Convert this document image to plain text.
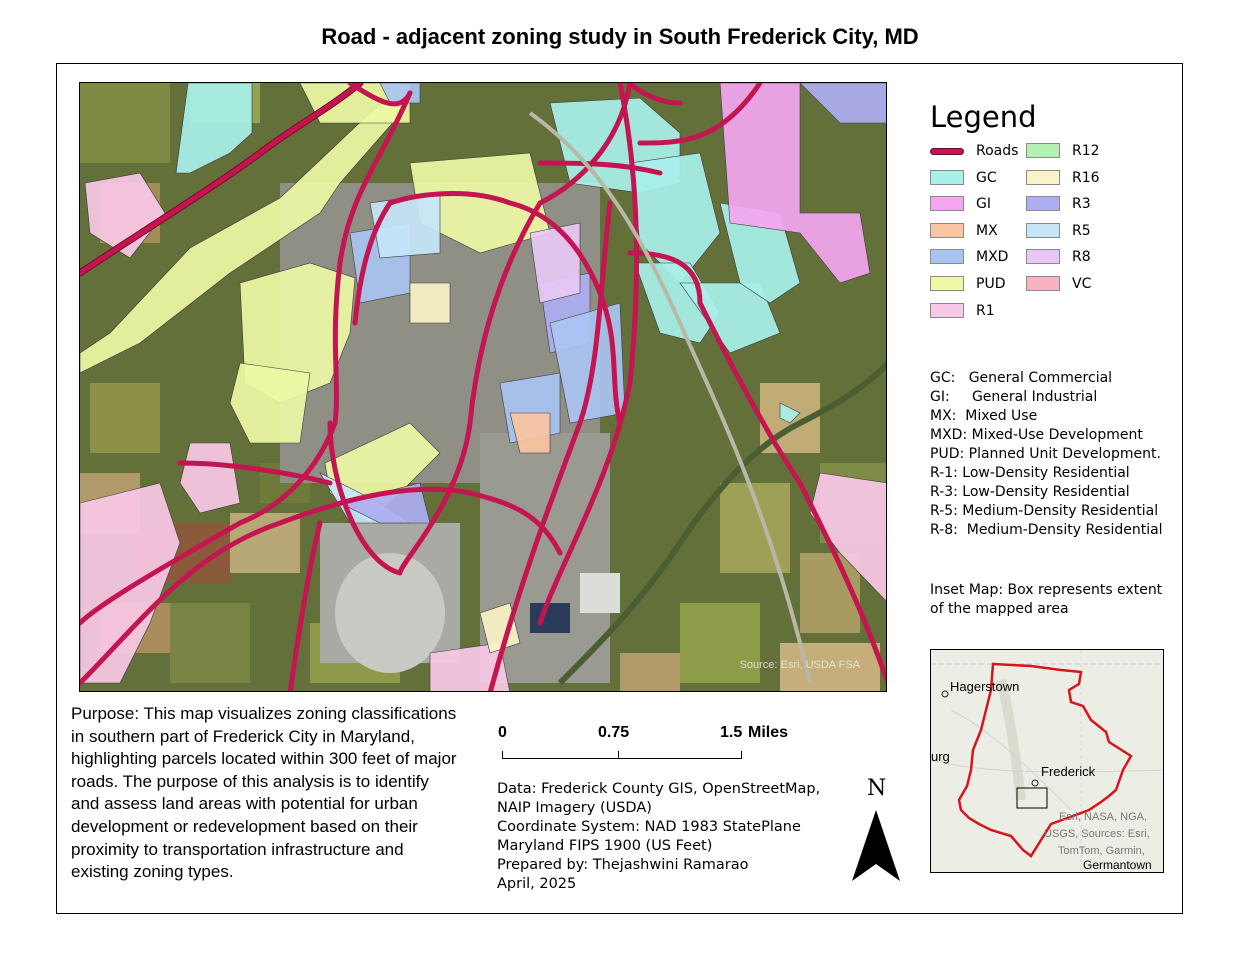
Road - adjacent zoning study in South Frederick City, MD
Source: Esri, USDA FSA
Legend
Roads
GC
GI
MX
MXD
PUD
R1
R12
R16
R3
R5
R8
VC
GC:   General Commercial
GI:     General Industrial
MX:  Mixed Use
MXD: Mixed-Use Development
PUD: Planned Unit Development.
R-1: Low-Density Residential
R-3: Low-Density Residential
R-5: Medium-Density Residential
R-8:  Medium-Density Residential
Inset Map: Box represents extent of the mapped area
Hagerstown
Frederick
urg
Esri, NASA, NGA,
USGS, Sources: Esri,
TomTom, Garmin,
Germantown
Purpose: This map visualizes zoning classifications in southern part of Frederick City in Maryland, highlighting parcels located within 300 feet of major roads. The purpose of this analysis is to identify and assess land areas with potential for urban development or redevelopment based on their proximity to transportation infrastructure and existing zoning types.
0	0.75	1.5 Miles
Data: Frederick County GIS, OpenStreetMap,
NAIP Imagery (USDA)
Coordinate System: NAD 1983 StatePlane
Maryland FIPS 1900 (US Feet)
Prepared by: Thejashwini Ramarao
April, 2025
N
